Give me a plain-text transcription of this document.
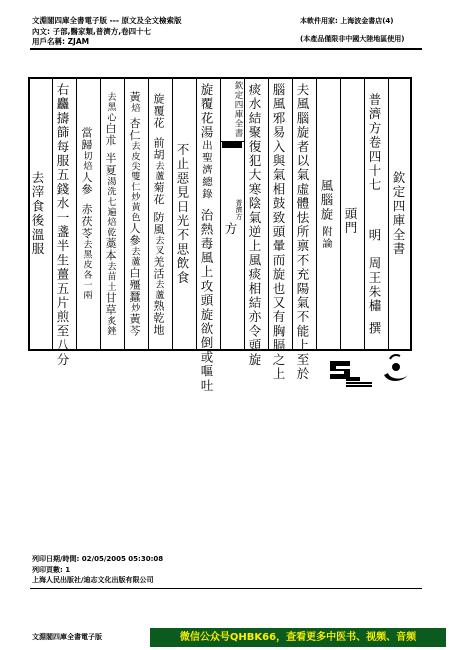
文淵閣四庫全書電子版 --- 原文及全文檢索版
內文: 子部,醫家類,普濟方,卷四十七
用戶名稱: ZJAM
本軟件用家: 上海波金書店(4)
(本產品僅限非中國大陸地區使用)
欽定四庫全書
普濟方卷四十七明周王朱橚撰
頭門
風腦旋附論
夫風腦旋者以氣虛體怯所禀不充陽氣不能上至於
腦風邪易入與氣相鼓致頭暈而旋也又有胸膈之上
痰水結聚復犯大寒陰氣逆上風痰相結亦令頭旋
方
旋覆花湯出聖濟總錄治熱毒風上攻頭旋欲倒或嘔吐
不止惡見日光不思飲食
旋覆花前胡去蘆菊花防風去叉羌活去蘆熟乾地
黃焙杏仁去皮尖雙仁炒黃色人參去蘆白殭蠶炒黃芩
去黑心白朮半夏湯洗七遍焙乾藁本去苗土甘草炙銼
當歸切焙人參赤茯苓去黑皮各一兩
右麤擣篩每服五錢水一盞半生薑五片煎至八分
去滓食後溫服
欽定四庫全書
普濟方
列印日期/時間: 02/05/2005 05:30:08
列印頁數: 1
上海人民出版社/迪志文化出版有限公司
文淵閣四庫全書電子版	微信公众号QHBK66，查看更多中医书、视频、音频
